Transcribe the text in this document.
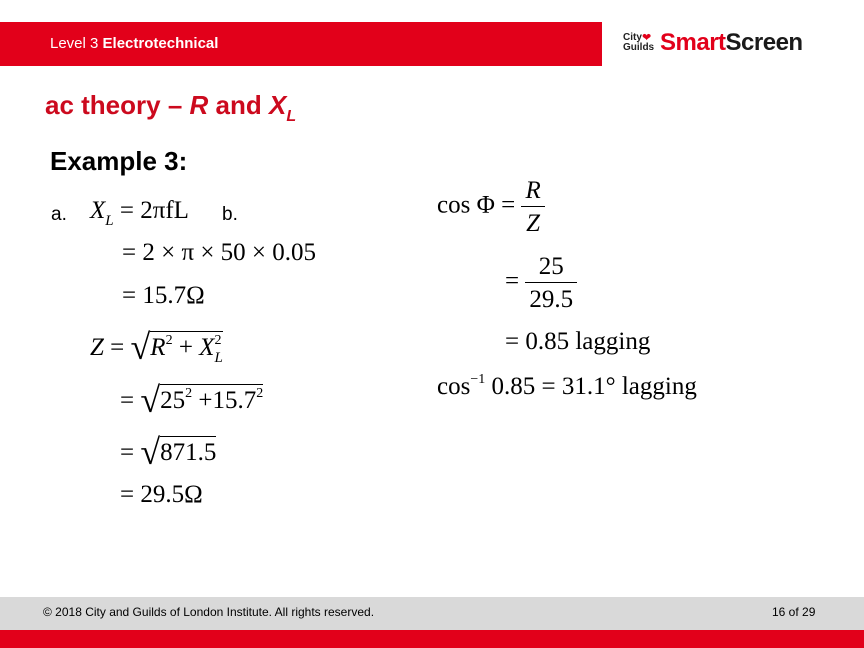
Level 3 Electrotechnical	City
Guilds
❤ SmartScreen
ac theory – R and $X_L$
Example 3:
a. $X_L = 2\pi fL$ b.
= 2 × π × 50 × 0.05
= 15.7Ω
$Z = √R^2 + X^2_L$
= $√25^2 +15.7^2$
= √871.5
= 29.5Ω
$\cos \Phi = \frac{R}{Z}$
= $\frac{25}{29.5}$
= 0.85 lagging
$\cos^{-1} 0.85 = 31.1^\circ$ lagging
© 2018 City and Guilds of London Institute. All rights reserved.	16 of 29
